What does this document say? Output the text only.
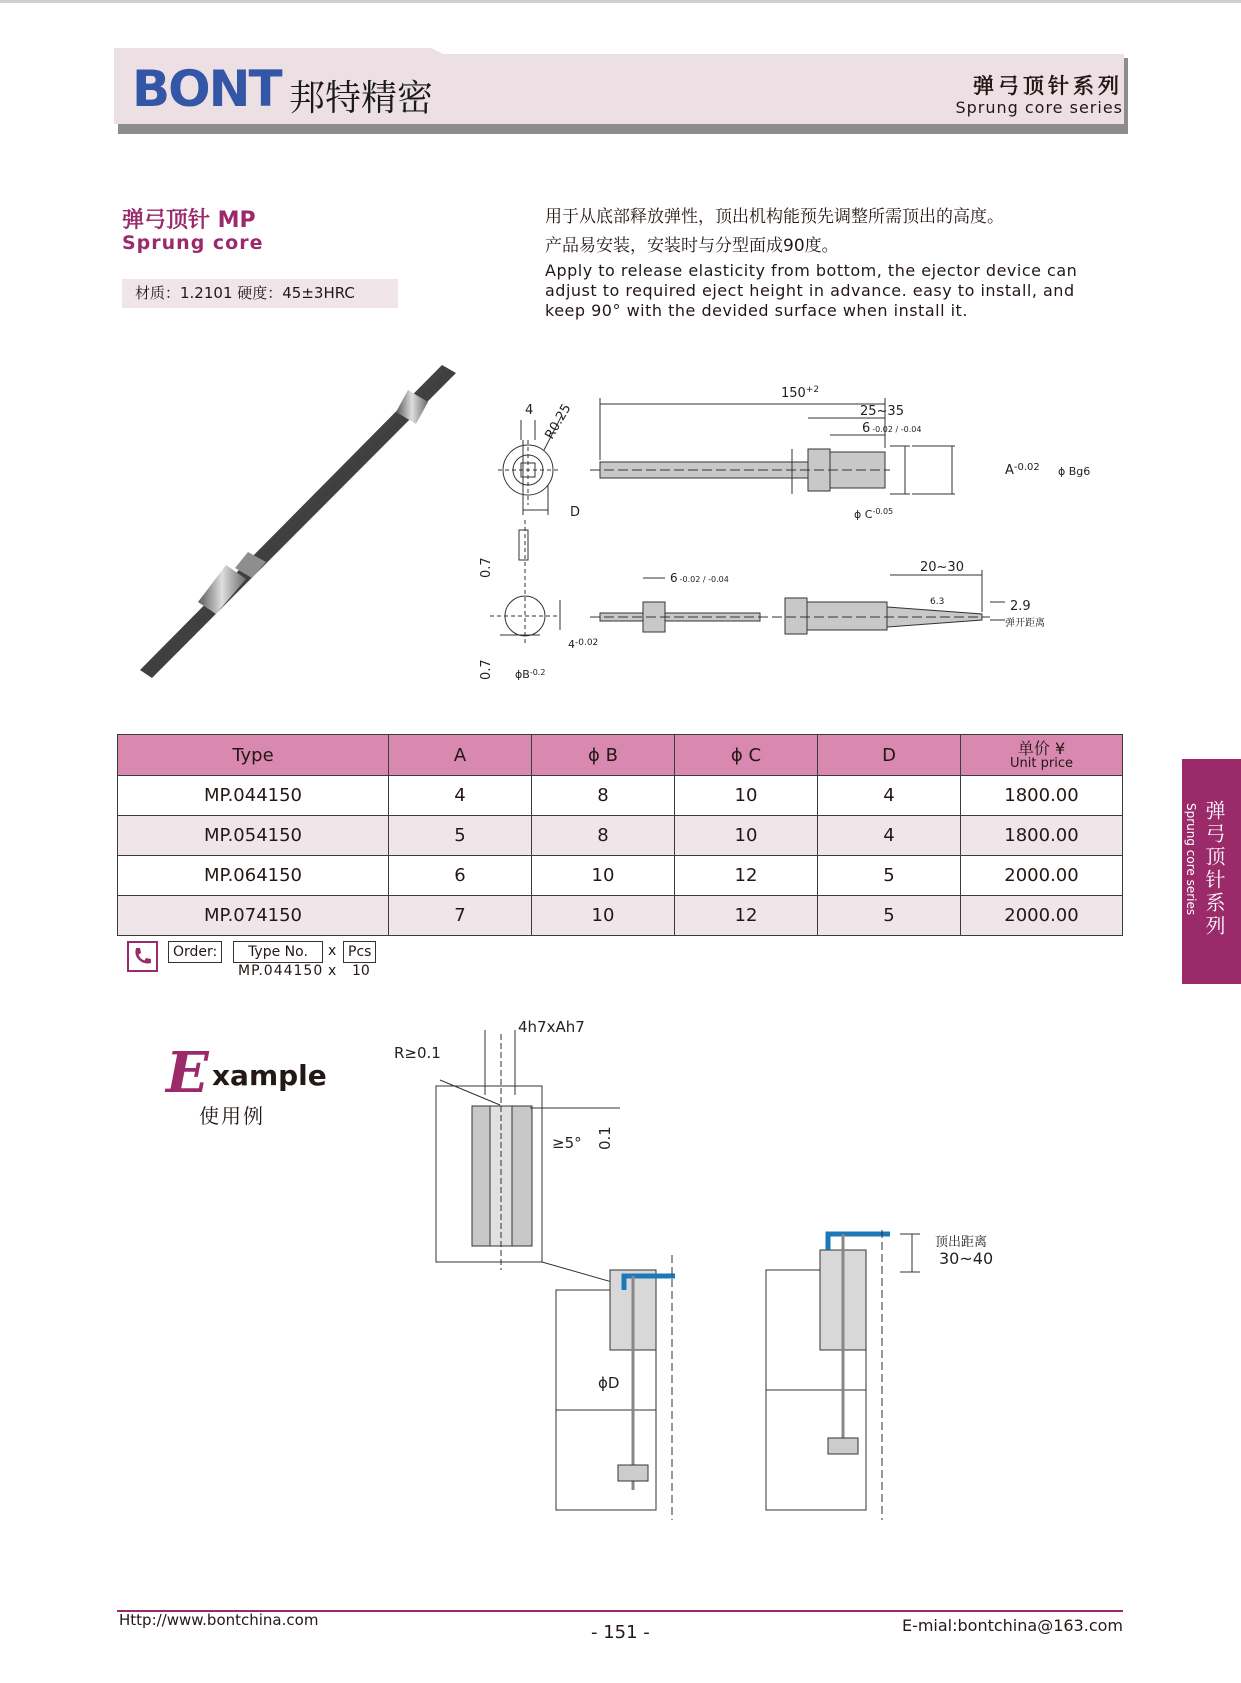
BONT 邦特精密	弹弓顶针系列
Sprung core series
弹弓顶针 MP
Sprung core
材质：1.2101 硬度：45±3HRC
用于从底部释放弹性，顶出机构能预先调整所需顶出的高度。
产品易安装，安装时与分型面成90度。
Apply to release elasticity from bottom, the ejector device can
adjust to required eject height in advance. easy to install, and
keep 90° with the devided surface when install it.
$150^{+2}$
4 R0.25
D
25~35
6 -0.02 / -0.04
$A^{-0.02}$ ϕ Bg6
ϕ $C^{-0.05}$
0.7
0.7
$4^{-0.02}$
$\phi B^{-0.2}$
6 -0.02 / -0.04
20~30
6.3	2.9
弹开距离
弹弓顶针系列
Sprung core series
Type	A	ϕ B	ϕ C	D	单价 ¥
Unit price

MP.044150	4	8	10	4	1800.00
MP.054150	5	8	10	4	1800.00
MP.064150	6	10	12	5	2000.00
MP.074150	7	10	12	5	2000.00
Order:	Type No.	x Pcs
MP.044150 x 10
E xample
使用例
4h7xAh7
R≥0.1
≥5° 0.1
ϕD
顶出距离
30~40
Http://www.bontchina.com
- 151 -	E-mial:bontchina@163.com
